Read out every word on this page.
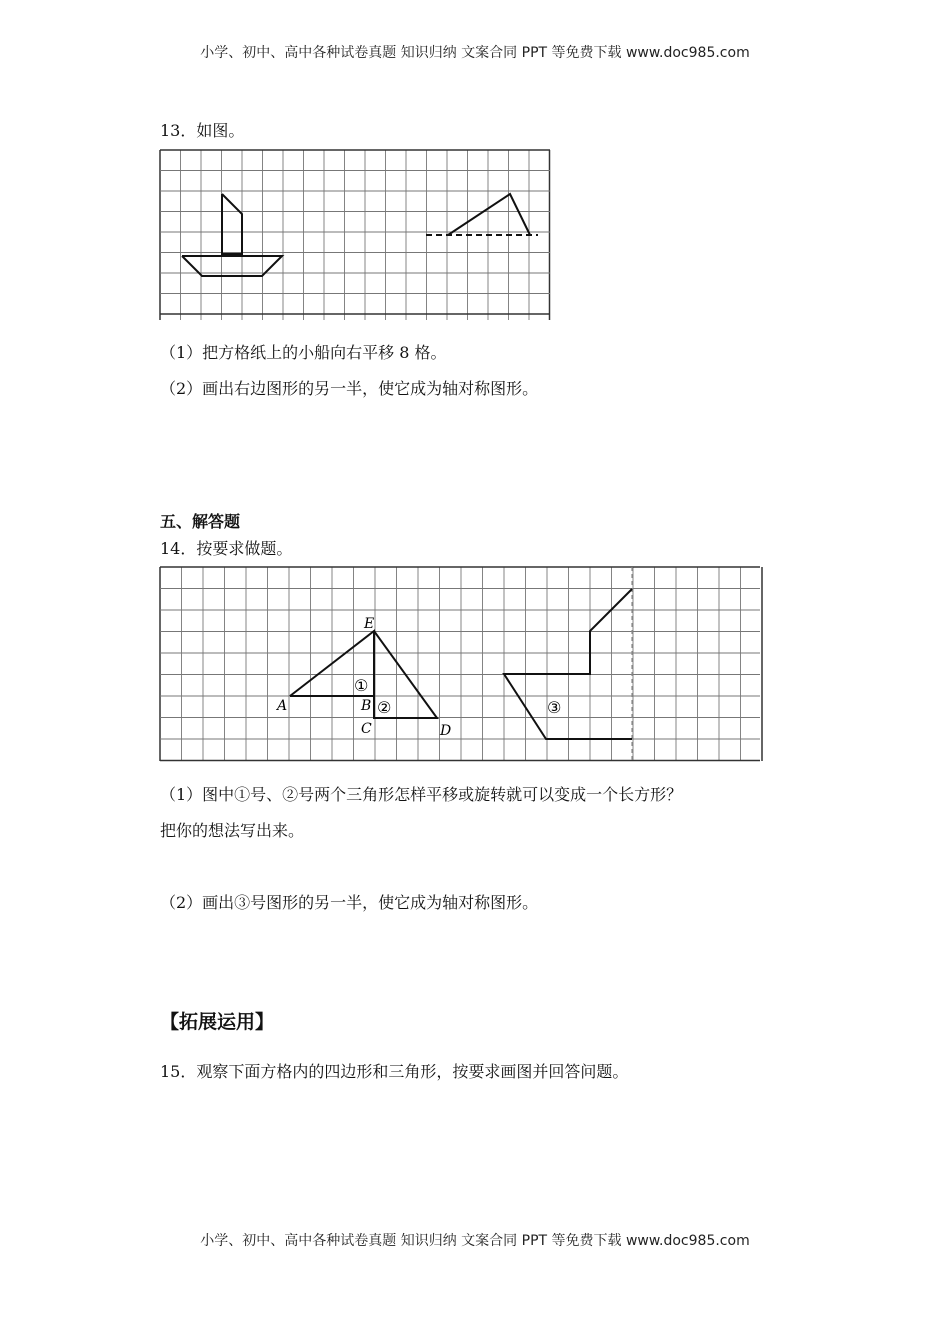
小学、初中、高中各种试卷真题 知识归纳 文案合同 PPT 等免费下载 www.doc985.com
13．如图。
（1）把方格纸上的小船向右平移 8 格。
（2）画出右边图形的另一半，使它成为轴对称图形。
五、解答题
14．按要求做题。
E
A	B
C	D
①
②	③
（1）图中①号、②号两个三角形怎样平移或旋转就可以变成一个长方形？
把你的想法写出来。
（2）画出③号图形的另一半，使它成为轴对称图形。
【拓展运用】
15．观察下面方格内的四边形和三角形，按要求画图并回答问题。
小学、初中、高中各种试卷真题 知识归纳 文案合同 PPT 等免费下载 www.doc985.com
